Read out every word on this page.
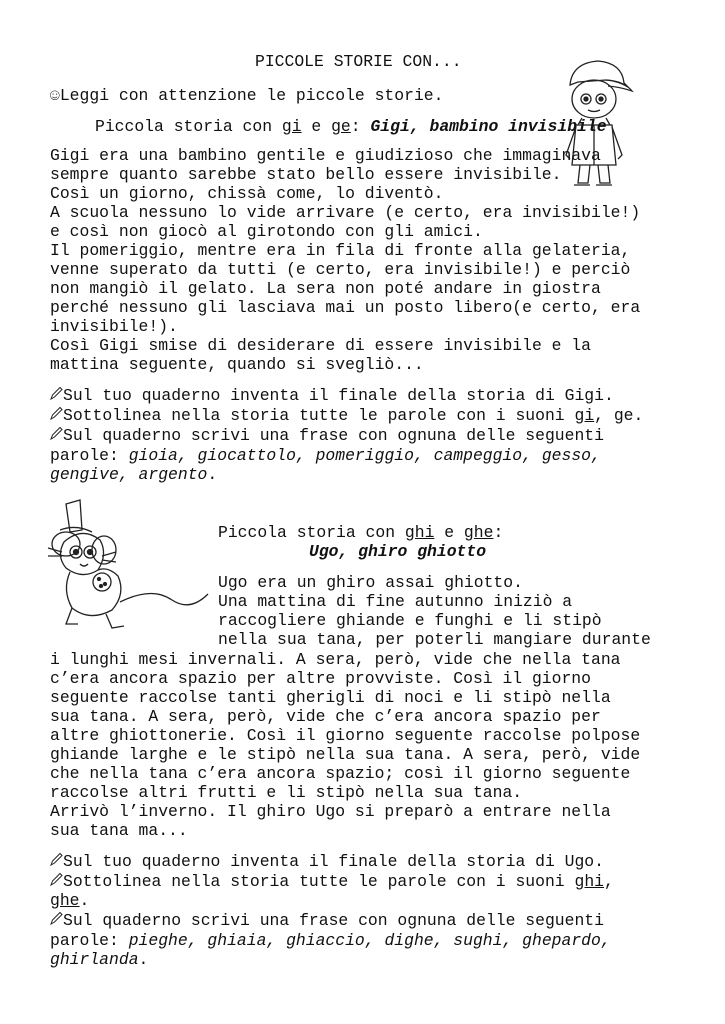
PICCOLE STORIE CON...
☺Leggi con attenzione le piccole storie.
Piccola storia con gi e ge: Gigi, bambino invisibile
Gigi era una bambino gentile e giudizioso che immaginava
sempre quanto sarebbe stato bello essere invisibile.
Così un giorno, chissà come, lo diventò.
A scuola nessuno lo vide arrivare (e certo, era invisibile!)
e così non giocò al girotondo con gli amici.
Il pomeriggio, mentre era in fila di fronte alla gelateria,
venne superato da tutti (e certo, era invisibile!) e perciò
non mangiò il gelato. La sera non poté andare in giostra
perché nessuno gli lasciava mai un posto libero(e certo, era
invisibile!).
Così Gigi smise di desiderare di essere invisibile e la
mattina seguente, quando si svegliò...
Sul tuo quaderno inventa il finale della storia di Gigi.
Sottolinea nella storia tutte le parole con i suoni gi, ge.
Sul quaderno scrivi una frase con ognuna delle seguenti
parole: gioia, giocattolo, pomeriggio, campeggio, gesso,
gengive, argento.
Piccola storia con ghi e ghe:
Ugo, ghiro ghiotto
Ugo era un ghiro assai ghiotto.
Una mattina di fine autunno iniziò a
raccogliere ghiande e funghi e li stipò
nella sua tana, per poterli mangiare durante
i lunghi mesi invernali. A sera, però, vide che nella tana
c’era ancora spazio per altre provviste. Così il giorno
seguente raccolse tanti gherigli di noci e li stipò nella
sua tana. A sera, però, vide che c’era ancora spazio per
altre ghiottonerie. Così il giorno seguente raccolse polpose
ghiande larghe e le stipò nella sua tana. A sera, però, vide
che nella tana c’era ancora spazio; così il giorno seguente
raccolse altri frutti e li stipò nella sua tana.
Arrivò l’inverno. Il ghiro Ugo si preparò a entrare nella
sua tana ma...
Sul tuo quaderno inventa il finale della storia di Ugo.
Sottolinea nella storia tutte le parole con i suoni ghi,
ghe.
Sul quaderno scrivi una frase con ognuna delle seguenti
parole: pieghe, ghiaia, ghiaccio, dighe, sughi, ghepardo,
ghirlanda.
